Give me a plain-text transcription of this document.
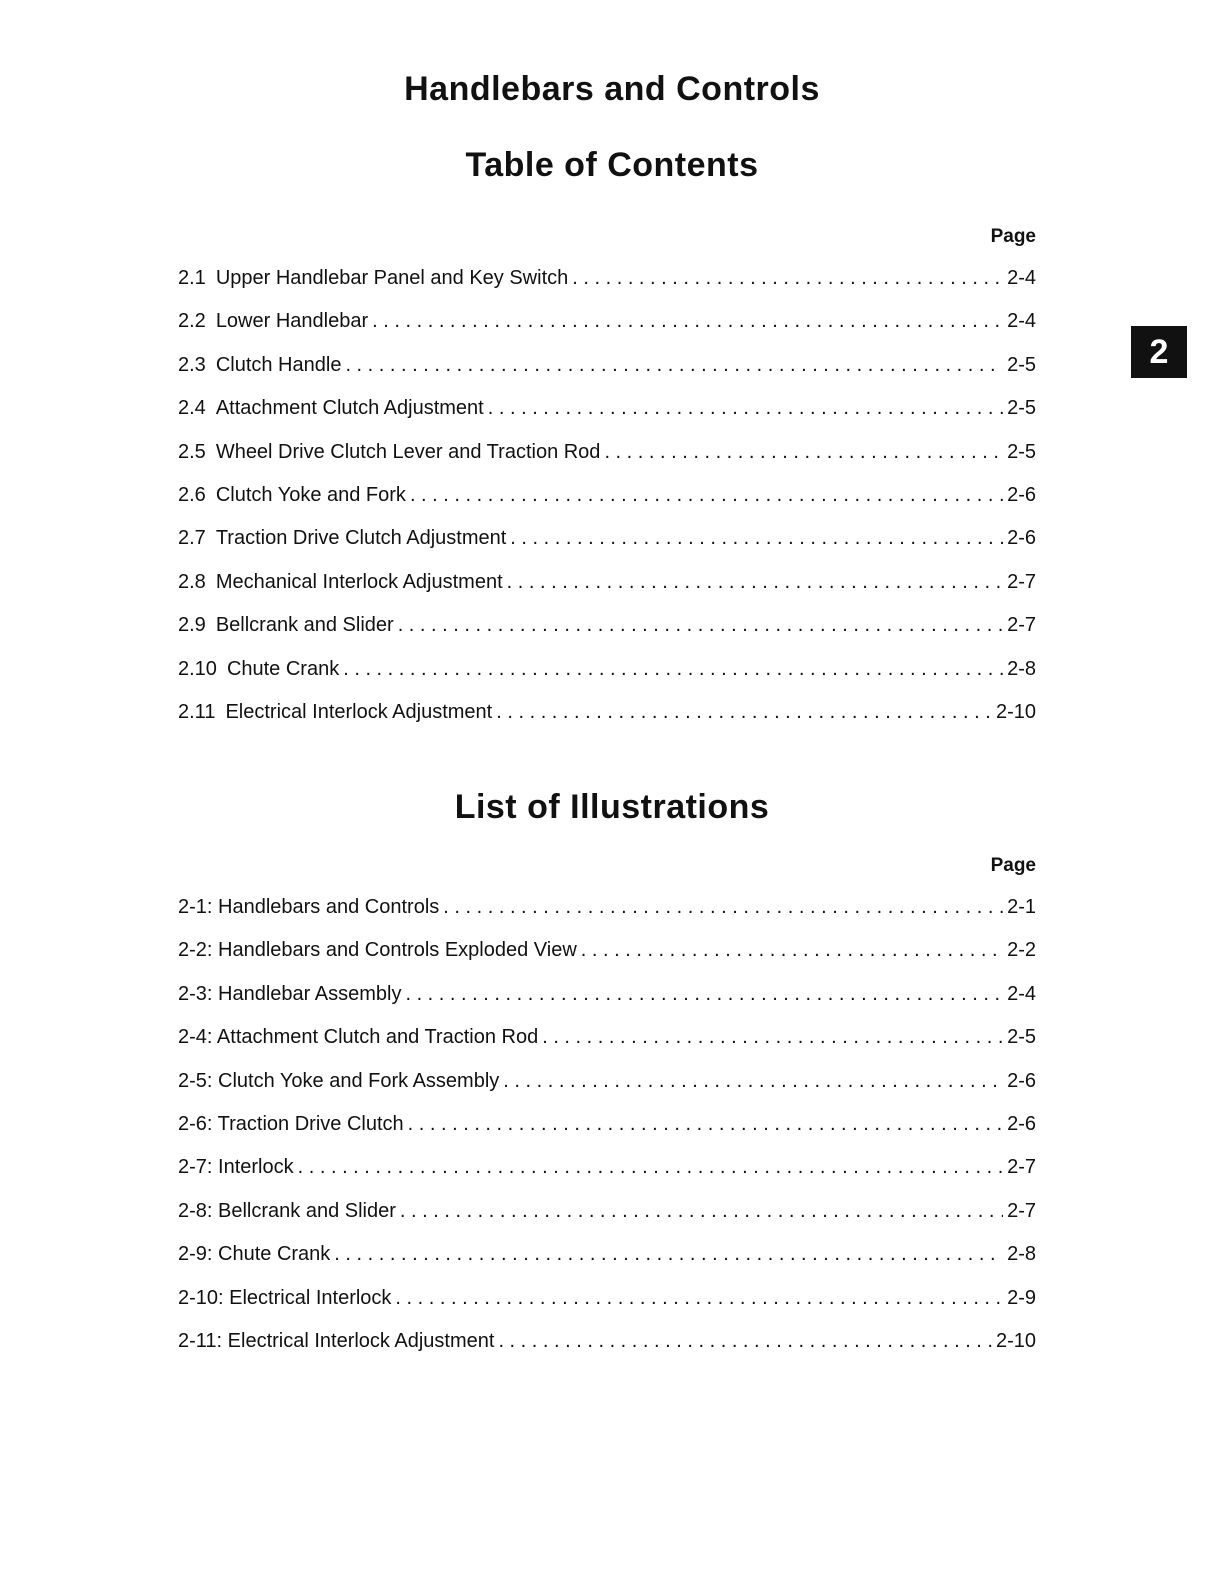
Handlebars and Controls
Table of Contents
Page
2.1 Upper Handlebar Panel and Key Switch . . .	2-4
2.2 Lower Handlebar . . .	2-4
2.3 Clutch Handle . . .	2-5
2.4 Attachment Clutch Adjustment . . .	2-5
2.5 Wheel Drive Clutch Lever and Traction Rod . . .	2-5
2.6 Clutch Yoke and Fork . . .	2-6
2.7 Traction Drive Clutch Adjustment . . .	2-6
2.8 Mechanical Interlock Adjustment . . .	2-7
2.9 Bellcrank and Slider . . .	2-7
2.10 Chute Crank . . .	2-8
2.11 Electrical Interlock Adjustment . . .	2-10
List of Illustrations
Page
2-1: Handlebars and Controls . . .	2-1
2-2: Handlebars and Controls Exploded View . . .	2-2
2-3: Handlebar Assembly . . .	2-4
2-4: Attachment Clutch and Traction Rod . . .	2-5
2-5: Clutch Yoke and Fork Assembly . . .	2-6
2-6: Traction Drive Clutch . . .	2-6
2-7: Interlock . . .	2-7
2-8: Bellcrank and Slider . . .	2-7
2-9: Chute Crank . . .	2-8
2-10: Electrical Interlock . . .	2-9
2-11: Electrical Interlock Adjustment . . .	2-10
2
